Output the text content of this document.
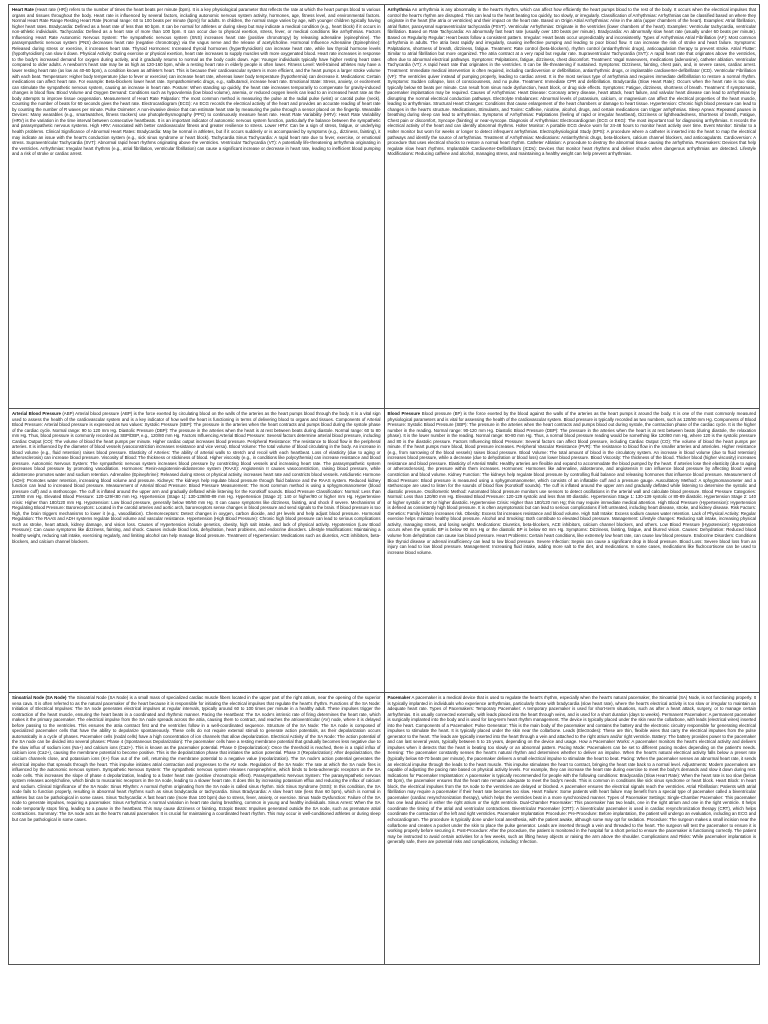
Heart Rate (Heart rate (HR)) refers to the number of times the heart beats per minute (bpm). It is a key physiological parameter that reflects the rate at which the heart pumps blood to various organs and tissues throughout the body. Heart rate is influenced by several factors, including autonomic nervous system activity, hormones, age, fitness level, and environmental factors. Normal Heart Rate Range Resting Heart Rate (Normal range: 60 to 100 beats per minute (bpm)) for adults. In children, the normal range varies by age, with younger children typically having higher heart rates. Bradycardia: Defined as a heart rate of less than 60 bpm. It can be normal for athletes or during sleep but may indicate a medical condition (e.g., heart block) if it occurs in non-athletic individuals. Tachycardia: Defined as a heart rate of more than 100 bpm. It can occur due to physical exertion, stress, fever, or medical conditions like arrhythmias. Factors Influencing Heart Rate Autonomic Nervous System: The sympathetic nervous system (SNS) increases heart rate (positive chronotropy) by releasing adrenaline (epinephrine). The parasympathetic nervous system (PNS) decreases heart rate (negative chronotropy) via the vagus nerve and the release of acetylcholine. Hormonal Influence Adrenaline (Epinephrine): Released during stress or exercise, it increases heart rate. Thyroid Hormones: Increased thyroid hormones (hyperthyroidism) can increase heart rate, while low thyroid hormone levels (hypothyroidism) can slow it down. Physical Activity: During exercise or physical exertion, heart rate increases to supply muscles with more oxygenated blood. Heart rate increases in response to the body's increased demand for oxygen during activity, and it gradually returns to normal as the body cools down. Age: Younger individuals typically have higher resting heart rates compared to older adults. A newborn's heart rate may be as high as 120-160 bpm, while a resting heart rate in elderly people is often lower. Fitness Level: Well-trained athletes may have a lower resting heart rate (as low as 40-60 bpm), a condition known as athlete's heart. This is because their cardiovascular system is more efficient, and the heart pumps a larger stroke volume with each beat. Temperature: Higher body temperature (due to fever or exercise) can increase heart rate, whereas lower body temperature (hypothermia) can decrease it. Medications: Certain medications can affect heart rate. For example: Beta-blockers lower heart rate. Sympathomimetic drugs, e.g., salbutamol, increase heart rate. Emotional State: Stress, anxiety, or excitement can stimulate the sympathetic nervous system, causing an increase in heart rate. Posture: When standing up quickly, the heart rate increases temporarily to compensate for gravity-induced changes in blood flow. Blood Volume and Oxygen Demand: Conditions such as hypovolemia (low blood volume), anemia, or reduced oxygen levels can lead to an increased heart rate as the body attempts to improve tissue oxygenation. Measurement of Heart Rate Palpation: The most common method is measuring the pulse at the radial pulse (wrist) or carotid pulse (neck). Counting the number of beats for 60 seconds gives the heart rate. Electrocardiogram (ECG): An ECG records the electrical activity of the heart and provides an accurate reading of heart rate by counting the number of R waves per minute. Pulse Oximeter: A non-invasive device that can estimate heart rate by measuring the pulse through a sensor placed on the fingertip. Wearable Devices: Many wearables (e.g., smartwatches, fitness trackers) use photoplethysmography (PPG) to continuously measure heart rate. Heart Rate Variability (HRV): Heart Rate Variability (HRV) is the variation in the time interval between consecutive heartbeats. It is an important indicator of autonomic nervous system function, particularly the balance between the sympathetic and parasympathetic nervous systems. High HRV: Associated with better cardiovascular fitness and greater resilience to stress. Lower HRV: Can be a sign of stress, fatigue, or underlying health problems. Clinical Significance of Abnormal Heart Rates: Bradycardia: May be normal in athletes, but if it occurs suddenly or is accompanied by symptoms (e.g., dizziness, fainting), it may indicate an issue with the heart's conduction system (e.g., sick sinus syndrome or heart block). Tachycardia Sinus Tachycardia: A rapid heart rate due to fever, exercise, or emotional stress. Supraventricular Tachycardia (SVT): Abnormal rapid heart rhythms originating above the ventricles. Ventricular Tachycardia (VT): A potentially life-threatening arrhythmia originating in the ventricles. Arrhythmias: Irregular heart rhythms (e.g., atrial fibrillation, ventricular fibrillation) can cause a significant increase or decrease in heart rate, leading to inefficient blood pumping and a risk of stroke or cardiac arrest.
Arrhythmia An arrhythmia is any abnormality in the heart's rhythm, which can affect how efficiently the heart pumps blood to the rest of the body. It occurs when the electrical impulses that control the heart's rhythm are disrupted. This can lead to the heart beating too quickly, too slowly, or irregularly. Classification of Arrhythmias: Arrhythmias can be classified based on where they originate in the heart (the atria or ventricles) and their impact on the heart rate. Based on Origin Atrial Arrhythmias: Arise in the atria (upper chambers of the heart). Examples: Atrial fibrillation, atrial flutter, paroxysmal supraventricular tachycardia (PSVT). Ventricular Arrhythmias: Originate in the ventricles (lower chambers of the heart). Examples: Ventricular tachycardia, ventricular fibrillation. Based on Rate Tachycardia: An abnormally fast heart rate (usually over 100 beats per minute). Bradycardia: An abnormally slow heart rate (usually under 60 beats per minute). Based on Regularity Regular: Heart beats follow a consistent pattern. Irregular: Heart beats occur unpredictably and inconsistently. Types of Arrhythmias Atrial Fibrillation (AF): Most common arrhythmia in adults. The atria beat rapidly and irregularly, causing ineffective pumping and leading to poor blood flow. It can increase the risk of stroke and heart failure. Symptoms: Palpitations, shortness of breath, dizziness, fatigue. Treatment: Rate control (beta-blockers), rhythm control (antiarrhythmic drugs), anticoagulation therapy to prevent stroke. Atrial Flutter: Similar to atrial fibrillation but more organized. The atria contract at a very rapid but regular rate. Supraventricular Tachycardia (SVT): A rapid heart rate that originates above the ventricles, often due to abnormal electrical pathways. Symptoms: Palpitations, fatigue, dizziness, chest discomfort. Treatment: Vagal maneuvers, medications (adenosine), catheter ablation. Ventricular Tachycardia (VT): A rapid heart rate that originates in the ventricles. It can be life-threatening if sustained. Symptoms: Dizziness, fainting, chest pain, and, in severe cases, cardiac arrest. Treatment: Immediate medical intervention is often required, including cardioversion or defibrillation, antiarrhythmic drugs, or implantable cardioverter-defibrillator (ICD). Ventricular Fibrillation (VF): The ventricles quiver instead of pumping properly, leading to cardiac arrest. It is the most serious type of arrhythmia and requires immediate defibrillation to restore a normal rhythm. Symptoms: Sudden collapse, loss of consciousness, and no pulse. Treatment: Immediate CPR and defibrillation. Bradycardia (Slow Heart Rate): Occurs when the heart rate is too slow, typically below 60 beats per minute. Can result from sinus node dysfunction, heart block, or drug side effects. Symptoms: Fatigue, dizziness, shortness of breath. Treatment: If symptomatic, pacemaker implantation may be required. Causes of Arrhythmias: Heart Disease: Coronary artery disease, heart attack, heart failure, and valvular heart disease can lead to arrhythmias by disrupting the normal electrical conduction pathways. Electrolyte Imbalances: Abnormal levels of potassium, calcium, or magnesium can affect the electrical properties of the heart muscle, leading to arrhythmias. Structural Heart Changes: Conditions that cause enlargement of the heart chambers or damage to heart tissue. Hypertension: Chronic high blood pressure can lead to changes in the heart's structure. Medications, Stimulants, and Toxins: Caffeine, nicotine, alcohol, drugs, and certain medications can trigger arrhythmias. Sleep Apnea: Repeated pauses in breathing during sleep can lead to arrhythmias. Symptoms of Arrhythmias: Palpitations (feeling of rapid or irregular heartbeat), Dizziness or lightheadedness, Shortness of breath, Fatigue, Chest pain or discomfort, Syncope (fainting) or near-syncope. Diagnosis of Arrhythmias: Electrocardiogram (ECG or EKG): The most important tool for diagnosing arrhythmias. It records the electrical activity of the heart and can identify abnormal rhythms. Holter Monitor: A portable ECG device worn for 24-48 hours to monitor heart activity over time. Event Monitor: Similar to a Holter monitor but worn for weeks or longer to detect infrequent arrhythmias. Electrophysiological Study (EPS): A procedure where a catheter is inserted into the heart to map the electrical pathways and identify the source of arrhythmias. Treatment of Arrhythmias: Medications: Antiarrhythmic drugs, beta-blockers, calcium channel blockers, and anticoagulants. Cardioversion: A procedure that uses electrical shocks to restore a normal heart rhythm. Catheter Ablation: A procedure to destroy the abnormal tissue causing the arrhythmia. Pacemakers: Devices that help regulate slow heart rhythms. Implantable Cardioverter-Defibrillators (ICDs): Devices that monitor heart rhythms and deliver shocks when dangerous arrhythmias are detected. Lifestyle Modifications: Reducing caffeine and alcohol, managing stress, and maintaining a healthy weight can help prevent arrhythmias.
Arterial Blood Pressure (ABP) Arterial blood pressure (ABP) is the force exerted by circulating blood on the walls of the arteries as the heart pumps blood through the body. It is a vital sign used to assess the health of the cardiovascular system and is a key indicator of how well the heart is functioning in terms of delivering blood to organs and tissues. Components of Arterial Blood Pressure: Arterial blood pressure is expressed as two values: Systolic Pressure (SBP): The pressure in the arteries when the heart contracts and pumps blood during the systole phase of the cardiac cycle. Normal range: 90 to 120 mm Hg. Diastolic Pressure (DBP): The pressure in the arteries when the heart is at rest between beats during diastole. Normal range: 60 to 80 mm Hg. Thus, blood pressure is commonly recorded as SBP/DBP, e.g., 120/80 mm Hg. Factors Influencing Arterial Blood Pressure: Several factors determine arterial blood pressure, including Cardiac Output (CO): The volume of blood the heart pumps per minute. Higher cardiac output increases blood pressure. Peripheral Resistance: The resistance to blood flow in the peripheral arteries. It is influenced by the diameter of blood vessels (vasoconstriction increases resistance and vice versa). Blood Volume: The total volume of blood circulating in the body. An increase in blood volume (e.g., fluid retention) raises blood pressure. Elasticity of Arteries: The ability of arterial walls to stretch and recoil with each heartbeat. Loss of elasticity (due to aging or atherosclerosis) can increase blood pressure. Viscosity of Blood: The thickness or stickiness of blood. Higher viscosity (e.g., in conditions like polycythemia) can increase resistance and blood pressure. Autonomic Nervous System: The sympathetic nervous system increases blood pressure by constricting blood vessels and increasing heart rate. The parasympathetic system decreases blood pressure by promoting vasodilation. Hormones: Renin-angiotensin-aldosterone system (RAAS): Angiotensin II causes vasoconstriction, raising blood pressure, while aldosterone promotes water and sodium retention. Adrenaline (Epinephrine): Released during stress or physical activity, increases heart rate and constricts blood vessels. Antidiuretic Hormone (ADH): Promotes water retention, increasing blood volume and pressure. Kidneys: The kidneys help regulate blood pressure through fluid balance and the RAAS system. Reduced kidney function can lead to increased blood pressure. Measurement of Arterial Blood Pressure: Blood Pressure Measurement: The most common method is using a sphygmomanometer (blood pressure cuff) and a stethoscope. The cuff is inflated around the upper arm and gradually deflated while listening for the Korotkoff sounds. Blood Pressure Classification: Normal: Less than 120/80 mm Hg. Elevated Blood Pressure: 120-129/<80 mm Hg. Hypertension (Stage 1): 130-139/80-89 mm Hg. Hypertension (Stage 2): 140 or higher/90 or higher mm Hg. Hypertensive crisis: Higher than 180/120 mm Hg. Hypotension: Low blood pressure, generally below 90/60 mm Hg. It can cause symptoms like dizziness, fainting, and shock if severe. Mechanisms of Regulating Blood Pressure: Baroreceptors: Located in the carotid arteries and aortic arch, baroreceptors sense changes in blood pressure and send signals to the brain. If blood pressure is too high, the brain triggers mechanisms to lower it (e.g., vasodilation). Chemoreceptors: Detect changes in oxygen, carbon dioxide, and pH levels and help adjust blood pressure. Hormonal Regulation: The RAAS and ADH systems regulate blood volume and vascular resistance. Hypertension (High Blood Pressure): Chronic high blood pressure can lead to serious complications such as stroke, heart attack, kidney damage, and vision loss. Causes of Hypertension include genetics, obesity, high salt intake, and lack of physical activity. Hypotension (Low Blood Pressure): Can cause symptoms like dizziness, fainting, and shock. Causes include blood loss, dehydration, heart problems, and endocrine disorders. Lifestyle Modifications: Maintaining a healthy weight, reducing salt intake, exercising regularly, and limiting alcohol can help manage blood pressure. Treatment of Hypertension: Medications such as diuretics, ACE inhibitors, beta-blockers, and calcium channel blockers.
Blood Pressure Blood pressure (BP) is the force exerted by the blood against the walls of the arteries as the heart pumps it around the body. It is one of the most commonly measured physiological parameters and is vital for assessing the health of the cardiovascular system. Blood pressure is typically recorded as two numbers, such as 120/80 mm Hg. Components of Blood Pressure: Systolic Blood Pressure (SBP): The pressure in the arteries when the heart contracts and pumps blood out during systole, the contraction phase of the cardiac cycle. It is the higher number in the reading. Normal range: 90-120 mm Hg. Diastolic Blood Pressure (DBP): The pressure in the arteries when the heart is at rest between beats (during diastole, the relaxation phase). It is the lower number in the reading. Normal range: 60-80 mm Hg. Thus, a normal blood pressure reading would be something like 120/80 mm Hg, where 120 is the systolic pressure and 80 is the diastolic pressure. Factors Influencing Blood Pressure: Several factors can affect blood pressure, including Cardiac Output (CO): The volume of blood the heart pumps per minute. If the heart pumps more blood, blood pressure increases. Peripheral Vascular Resistance (PVR): The resistance to blood flow in the smaller arteries and arterioles. Higher resistance (e.g., from narrowing of the blood vessels) raises blood pressure. Blood Volume: The total amount of blood in the circulatory system. An increase in blood volume (due to fluid retention) increases blood pressure, while a decrease (due to dehydration or blood loss) can lower blood pressure. Blood Viscosity: The thickness of the blood. Thicker blood (higher viscosity) increases resistance and blood pressure. Elasticity of Arterial Walls: Healthy arteries are flexible and expand to accommodate the blood pumped by the heart. If arteries lose their elasticity (due to aging or atherosclerosis), the pressure within them increases. Hormones: Hormones like adrenaline, aldosterone, and angiotensin II can influence blood pressure by affecting blood vessel constriction and blood volume. Kidney Function: The kidneys help regulate blood pressure by controlling fluid balance and releasing hormones that influence blood pressure. Measurement of Blood Pressure: Blood pressure is measured using a sphygmomanometer, which consists of an inflatable cuff and a pressure gauge. Auscultatory Method: A sphygmomanometer and a stethoscope are used to listen for the sounds of blood flow (Korotkoff sounds). The cuff is inflated around the upper arm and gradually deflated while listening to determine the systolic and diastolic pressure. Oscillometric Method: Automated blood pressure monitors use sensors to detect oscillations in the arterial wall and calculate blood pressure. Blood Pressure Categories: Normal: Less than 120/80 mm Hg. Elevated Blood Pressure: 120-129 systolic and less than 80 diastolic. Hypertension Stage 1: 130-139 systolic or 80-89 diastolic. Hypertension Stage 2: 140 or higher systolic or 90 or higher diastolic. Hypertensive Crisis: Higher than 180/120 mm Hg; this may require immediate medical attention. High Blood Pressure (Hypertension): Hypertension is defined as consistently high blood pressure. It is often asymptomatic but can lead to serious complications if left untreated, including heart disease, stroke, and kidney disease. Risk Factors: Genetics: Family history increases risk. Obesity: Excess fat increases resistance and blood volume. High Salt Intake: Excess sodium causes water retention. Lack of Physical Activity: Regular exercise helps maintain healthy blood pressure. Alcohol and Smoking: Both contribute to elevated blood pressure. Management: Lifestyle changes: Reducing salt intake, increasing physical activity, managing stress, and losing weight. Medications: Diuretics, beta-blockers, ACE inhibitors, calcium channel blockers, and others. Low Blood Pressure (Hypotension): Hypotension occurs when the systolic BP is below 90 mm Hg or the diastolic BP is below 60 mm Hg. Symptoms: Dizziness, fainting, fatigue, and blurred vision. Causes: Dehydration: Reduced blood volume from dehydration can cause low blood pressure. Heart Problems: Certain heart conditions, like extremely low heart rate, can cause low blood pressure. Endocrine Disorders: Conditions like thyroid disease or adrenal insufficiency can lead to low blood pressure. Severe Infection: Sepsis can cause a significant drop in blood pressure. Blood Loss: Severe blood loss from an injury can lead to low blood pressure. Management: Increasing fluid intake, adding more salt to the diet, and medications. In some cases, medications like fludrocortisone can be used to increase blood volume.
Sinoatrial Node (SA Node) The Sinoatrial Node (SA Node) is a small mass of specialized cardiac muscle fibers located in the upper part of the right atrium, near the opening of the superior vena cava. It is often referred to as the natural pacemaker of the heart because it is responsible for initiating the electrical impulses that regulate the heart's rhythm. Functions of the SA Node: Initiation of Electrical Impulses: The SA node generates electrical impulses at regular intervals, typically around 60 to 100 times per minute in a healthy adult. These impulses trigger the contraction of the heart muscle, ensuring the heart beats in a coordinated and rhythmic manner. Pacing the Heartbeat: The SA node's intrinsic rate of firing determines the heart rate, which makes it the primary pacemaker. The electrical impulse from the SA node spreads across the atria, causing them to contract, and reaches the atrioventricular (AV) node, where it is delayed before passing to the ventricles. This ensures the atria contract first and the ventricles follow in a well-coordinated sequence. Structure of the SA Node: The SA node is composed of specialized pacemaker cells that have the ability to depolarize spontaneously. These cells do not require external stimuli to generate action potentials, as their depolarization occurs automatically in a cycle of phases. Pacemaker cells (nodal cells) have a high concentration of ion channels that allow depolarization. Electrical Activity of the SA Node: The action potential of the SA node can be divided into several phases: Phase 4 (Spontaneous Depolarization): The pacemaker cells have a resting membrane potential that gradually becomes less negative due to the slow influx of sodium ions (Na+) and calcium ions (Ca2+). This is known as the pacemaker potential. Phase 0 (Depolarization): Once the threshold is reached, there is a rapid influx of calcium ions (Ca2+), causing the membrane potential to become positive. This is the depolarization phase that initiates the action potential. Phase 3 (Repolarization): After depolarization, the calcium channels close, and potassium ions (K+) flow out of the cell, returning the membrane potential to a negative value (repolarization). The SA node's action potential generates the electrical impulse that spreads through the heart. This impulse initiates atrial contraction and progresses to the AV node. Regulation of the SA Node: The rate at which the SA node fires is influenced by the autonomic nervous system. Sympathetic Nervous System: The sympathetic nervous system releases norepinephrine, which binds to beta-adrenergic receptors on the SA node cells. This increases the slope of phase 4 depolarization, leading to a faster heart rate (positive chronotropic effect). Parasympathetic Nervous System: The parasympathetic nervous system releases acetylcholine, which binds to muscarinic receptors in the SA node, leading to a slower heart rate. It does this by increasing potassium efflux and reducing the influx of calcium and sodium. Clinical Significance of the SA Node: Sinus Rhythm: A normal rhythm originating from the SA node is called sinus rhythm. Sick Sinus Syndrome (SSS): In this condition, the SA node fails to function properly, resulting in abnormal heart rhythms such as sinus bradycardia or tachycardia. Sinus Bradycardia: A slow heart rate (less than 60 bpm), which is normal in athletes but can be pathological in some cases. Sinus Tachycardia: A fast heart rate (more than 100 bpm) due to stress, fever, anxiety, or exercise. Sinus Node Dysfunction: Failure of the SA node to generate impulses, requiring a pacemaker. Sinus Arrhythmia: A normal variation in heart rate during breathing, common in young and healthy individuals. Sinus Arrest: When the SA node temporarily stops firing, leading to a pause in the heartbeat. This may cause dizziness or fainting. Ectopic Beats: Impulses generated outside the SA node, such as premature atrial contractions. Summary: The SA node acts as the heart's natural pacemaker. It is crucial for maintaining a coordinated heart rhythm. This may occur in well-conditioned athletes or during sleep but can be pathological in some cases.
Pacemaker A pacemaker is a medical device that is used to regulate the heart's rhythm, especially when the heart's natural pacemaker, the Sinoatrial (SA) Node, is not functioning properly. It is typically implanted in individuals who experience arrhythmias, particularly those with bradycardia (slow heart rate), where the heart's electrical activity is too slow or irregular to maintain an adequate heart rate. Types of Pacemakers: Temporary Pacemaker: A temporary pacemaker is used for short-term situations, such as after a heart attack, surgery, or to manage certain arrhythmias. It is usually connected externally, with leads placed into the heart through veins, and is used for a short duration (days to weeks). Permanent Pacemaker: A permanent pacemaker is surgically implanted into the body and is used for long-term heart rhythm management. The device is typically placed under the skin near the collarbone, with leads (electrical wires) inserted into the heart. Components of a Pacemaker: Pulse Generator: This is the main body of the pacemaker and contains the battery and the electronic circuitry responsible for generating electrical impulses to stimulate the heart. It is typically placed under the skin near the collarbone. Leads (Electrodes): These are thin, flexible wires that carry the electrical impulses from the pulse generator to the heart. The leads are typically inserted into the heart through a vein and attached to the right atrium and/or right ventricle. Battery: The battery provides power to the pacemaker and can last several years, typically between 5 to 15 years, depending on the device and usage. How a Pacemaker Works: A pacemaker monitors the heart's electrical activity and delivers impulses when it detects that the heart is beating too slowly or an abnormal pattern. Pacing Mode: Pacemakers can be set to different pacing modes depending on the patient's needs. Sensing: The pacemaker constantly senses the heart's natural rhythm and determines whether to deliver an impulse. When the heart's natural electrical activity falls below a preset rate (typically below 60-70 beats per minute), the pacemaker delivers a small electrical impulse to stimulate the heart to beat. Pacing: When the pacemaker senses an abnormal heart rate, it sends an electrical impulse through the leads to the heart muscle. This impulse stimulates the heart to contract, bringing the heart rate back to a normal level. Adjustments: Modern pacemakers are capable of adjusting the pacing rate based on physical activity levels. For example, they can increase the heart rate during exercise to meet the body's demands and slow it down during rest. Indications for Pacemaker Implantation: A pacemaker is typically recommended for people with the following conditions: Bradycardia (Slow Heart Rate): When the heart rate is too slow (below 60 bpm), the pacemaker ensures that the heart rate remains adequate to meet the body's needs. This is common in conditions like sick sinus syndrome or heart block. Heart Block: In heart block, the electrical impulses from the SA node to the ventricles are delayed or blocked. A pacemaker ensures the electrical signals reach the ventricles. Atrial Fibrillation: Patients with atrial fibrillation may require a pacemaker if their heart rate becomes too slow. Heart Failure: Some patients with heart failure may benefit from a special type of pacemaker called a biventricular pacemaker (cardiac resynchronization therapy), which helps the ventricles beat in a more synchronized manner. Types of Pacemaker Settings: Single-Chamber Pacemaker: This pacemaker has one lead placed in either the right atrium or the right ventricle. Dual-Chamber Pacemaker: This pacemaker has two leads, one in the right atrium and one in the right ventricle. It helps coordinate the timing of the atrial and ventricular contractions. Biventricular Pacemaker (CRT): A biventricular pacemaker is used in cardiac resynchronization therapy (CRT), which helps coordinate the contraction of the left and right ventricles. Pacemaker Implantation Procedure: Pre-Procedure: Before implantation, the patient will undergo an evaluation, including an ECG and echocardiogram. The procedure is typically done under local anesthesia, with the patient awake, although some may opt for sedation. Procedure: The surgeon makes a small incision near the collarbone and creates a pocket under the skin to place the pulse generator. Leads are inserted through a vein and threaded to the heart. The surgeon will test the pacemaker to ensure it is working properly before securing it. Post-Procedure: After the procedure, the patient is monitored in the hospital for a short period to ensure the pacemaker is functioning correctly. The patient may be instructed to avoid certain activities for a few weeks, such as lifting heavy objects or raising the arm above the shoulder. Complications and Risks: While pacemaker implantation is generally safe, there are potential risks and complications, including: Infection.
